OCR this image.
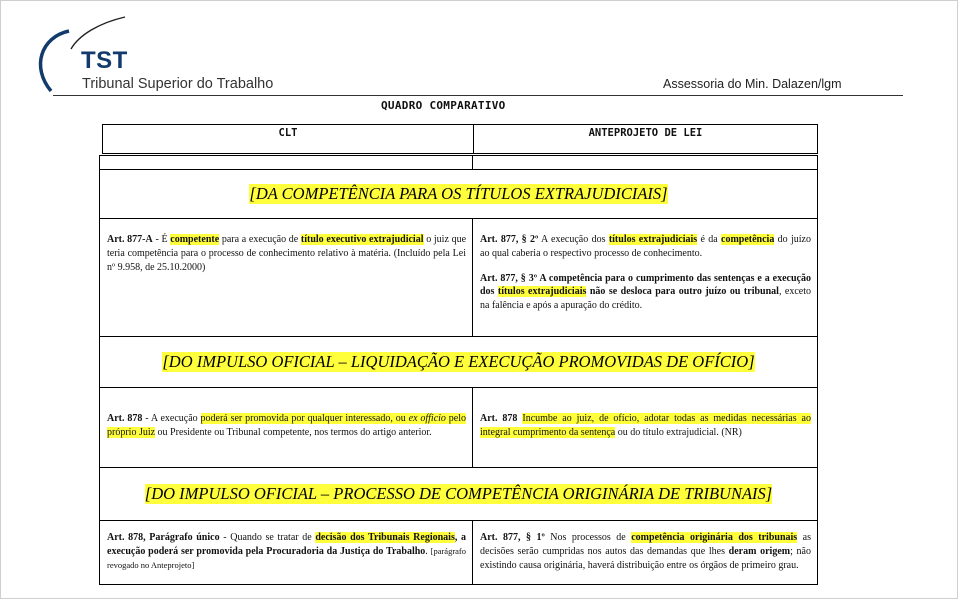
TST
Tribunal Superior do Trabalho	Assessoria do Min. Dalazen/lgm
QUADRO COMPARATIVO
CLT	ANTEPROJETO DE LEI
[DA COMPETÊNCIA PARA OS TÍTULOS EXTRAJUDICIAIS]
Art. 877-A - É competente para a execução de título executivo extrajudicial o juiz que teria competência para o processo de conhecimento relativo à matéria. (Incluído pela Lei nº 9.958, de 25.10.2000)
Art. 877, § 2º A execução dos títulos extrajudiciais é da competência do juízo ao qual caberia o respectivo processo de conhecimento.
Art. 877, § 3º A competência para o cumprimento das sentenças e a execução dos títulos extrajudiciais não se desloca para outro juízo ou tribunal, exceto na falência e após a apuração do crédito.
[DO IMPULSO OFICIAL – LIQUIDAÇÃO E EXECUÇÃO PROMOVIDAS DE OFÍCIO]
Art. 878 - A execução poderá ser promovida por qualquer interessado, ou ex officio pelo próprio Juiz ou Presidente ou Tribunal competente, nos termos do artigo anterior.
Art. 878 Incumbe ao juiz, de ofício, adotar todas as medidas necessárias ao integral cumprimento da sentença ou do título extrajudicial. (NR)
[DO IMPULSO OFICIAL – PROCESSO DE COMPETÊNCIA ORIGINÁRIA DE TRIBUNAIS]
Art. 878, Parágrafo único - Quando se tratar de decisão dos Tribunais Regionais, a execução poderá ser promovida pela Procuradoria da Justiça do Trabalho. [parágrafo revogado no Anteprojeto]
Art. 877, § 1º Nos processos de competência originária dos tribunais as decisões serão cumpridas nos autos das demandas que lhes deram origem; não existindo causa originária, haverá distribuição entre os órgãos de primeiro grau.
